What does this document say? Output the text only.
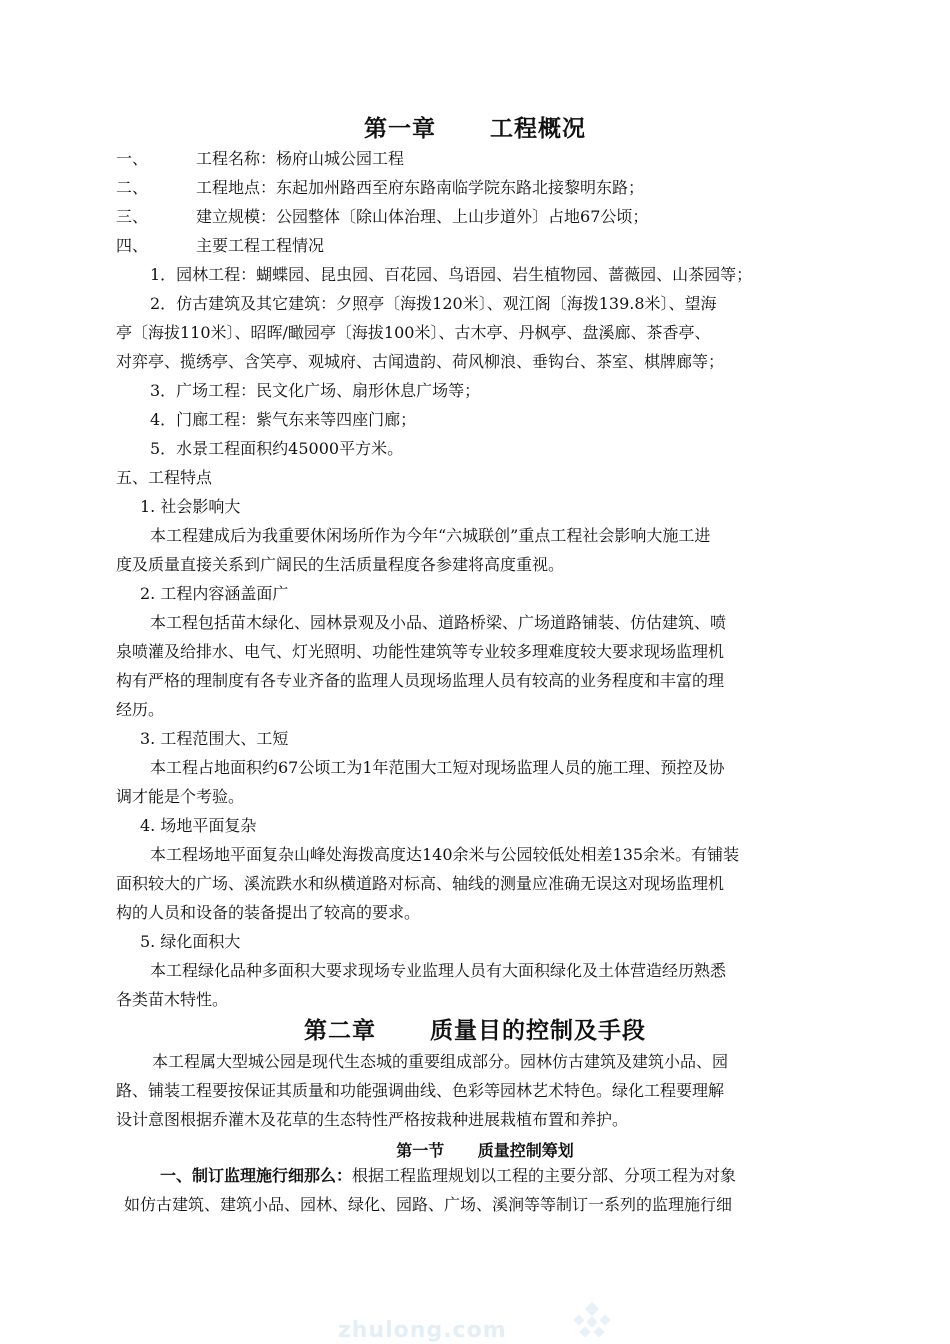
第一章      工程概况
一、	工程名称：杨府山城公园工程
二、	工程地点：东起加州路西至府东路南临学院东路北接黎明东路；
三、	建立规模：公园整体〔除山体治理、上山步道外〕占地67公顷；
四、	主要工程工程情况
1．园林工程：蝴蝶园、昆虫园、百花园、鸟语园、岩生植物园、蔷薇园、山茶园等；
2．仿古建筑及其它建筑：夕照亭〔海拨120米〕、观江阁〔海拨139.8米〕、望海
亭〔海拔110米〕、昭晖/瞰园亭〔海拔100米〕、古木亭、丹枫亭、盘溪廊、茶香亭、
对弈亭、揽绣亭、含笑亭、观城府、古闻遗韵、荷风柳浪、垂钩台、茶室、棋牌廊等；
3．广场工程：民文化广场、扇形休息广场等；
4．门廊工程：紫气东来等四座门廊；
5．水景工程面积约45000平方米。
五、工程特点
1. 社会影响大
本工程建成后为我重要休闲场所作为今年“六城联创”重点工程社会影响大施工进
度及质量直接关系到广阔民的生活质量程度各参建将高度重视。
2. 工程内容涵盖面广
本工程包括苗木绿化、园林景观及小品、道路桥梁、广场道路铺装、仿估建筑、喷
泉喷灌及给排水、电气、灯光照明、功能性建筑等专业较多理难度较大要求现场监理机
构有严格的理制度有各专业齐备的监理人员现场监理人员有较高的业务程度和丰富的理
经历。
3. 工程范围大、工短
本工程占地面积约67公顷工为1年范围大工短对现场监理人员的施工理、预控及协
调才能是个考验。
4. 场地平面复杂
本工程场地平面复杂山峰处海拨高度达140余米与公园较低处相差135余米。有铺装
面积较大的广场、溪流跌水和纵横道路对标高、轴线的测量应准确无误这对现场监理机
构的人员和设备的装备提出了较高的要求。
5. 绿化面积大
本工程绿化品种多面积大要求现场专业监理人员有大面积绿化及土体营造经历熟悉
各类苗木特性。
第二章      质量目的控制及手段
本工程属大型城公园是现代生态城的重要组成部分。园林仿古建筑及建筑小品、园
路、铺装工程要按保证其质量和功能强调曲线、色彩等园林艺术特色。绿化工程要理解
设计意图根据乔灌木及花草的生态特性严格按栽种进展栽植布置和养护。
第一节      质量控制筹划
一、制订监理施行细那么：根据工程监理规划以工程的主要分部、分项工程为对象
如仿古建筑、建筑小品、园林、绿化、园路、广场、溪涧等等制订一系列的监理施行细
zhulong.com
